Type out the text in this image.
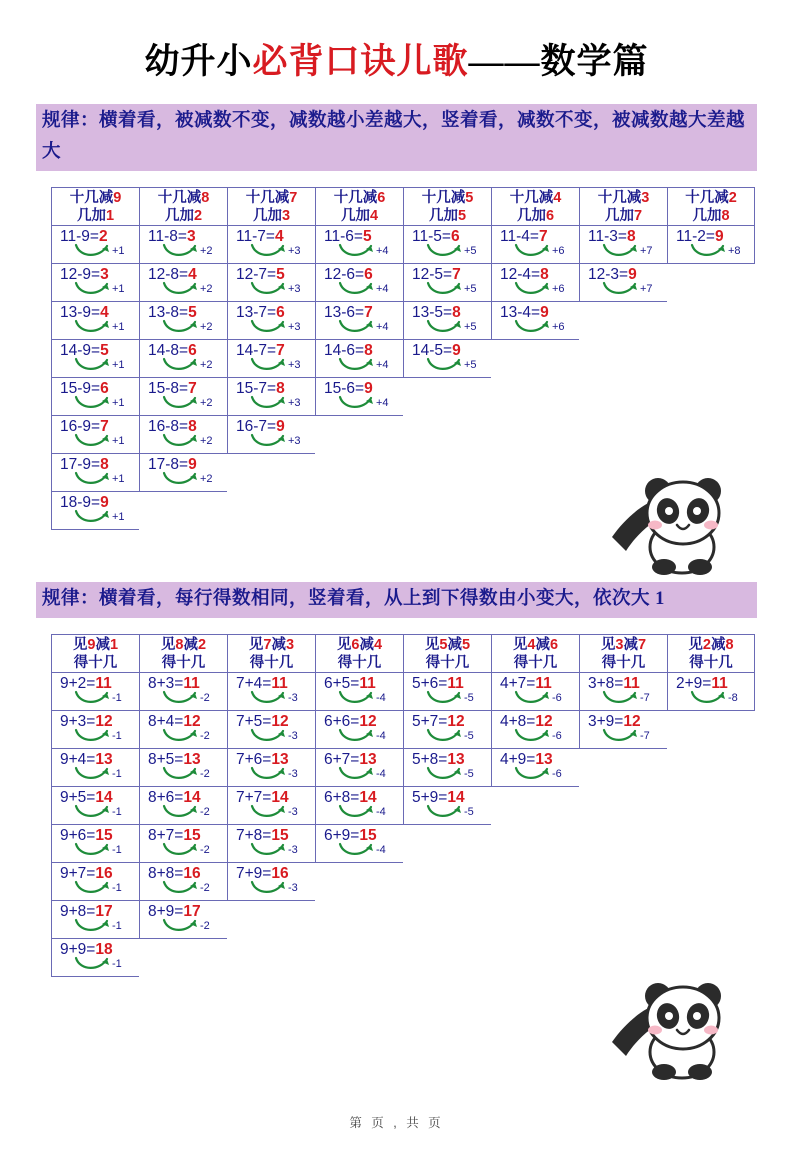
幼升小必背口诀儿歌——数学篇
规律：横着看，被减数不变，减数越小差越大，竖着看，减数不变，被减数越大差越大
十几减9
几加1
11-9=2
+1
12-9=3
+1
13-9=4
+1
14-9=5
+1
15-9=6
+1
16-9=7
+1
17-9=8
+1
18-9=9
+1
十几减8
几加2
11-8=3
+2
12-8=4
+2
13-8=5
+2
14-8=6
+2
15-8=7
+2
16-8=8
+2
17-8=9
+2
十几减7
几加3
11-7=4
+3
12-7=5
+3
13-7=6
+3
14-7=7
+3
15-7=8
+3
16-7=9
+3
十几减6
几加4
11-6=5
+4
12-6=6
+4
13-6=7
+4
14-6=8
+4
15-6=9
+4
十几减5
几加5
11-5=6
+5
12-5=7
+5
13-5=8
+5
14-5=9
+5
十几减4
几加6
11-4=7
+6
12-4=8
+6
13-4=9
+6
十几减3
几加7
11-3=8
+7
12-3=9
+7
十几减2
几加8
11-2=9
+8
规律：横着看，每行得数相同，竖着看，从上到下得数由小变大，依次大 1
见9减1
得十几
9+2=11
-1
9+3=12
-1
9+4=13
-1
9+5=14
-1
9+6=15
-1
9+7=16
-1
9+8=17
-1
9+9=18
-1
见8减2
得十几
8+3=11
-2
8+4=12
-2
8+5=13
-2
8+6=14
-2
8+7=15
-2
8+8=16
-2
8+9=17
-2
见7减3
得十几
7+4=11
-3
7+5=12
-3
7+6=13
-3
7+7=14
-3
7+8=15
-3
7+9=16
-3
见6减4
得十几
6+5=11
-4
6+6=12
-4
6+7=13
-4
6+8=14
-4
6+9=15
-4
见5减5
得十几
5+6=11
-5
5+7=12
-5
5+8=13
-5
5+9=14
-5
见4减6
得十几
4+7=11
-6
4+8=12
-6
4+9=13
-6
见3减7
得十几
3+8=11
-7
3+9=12
-7
见2减8
得十几
2+9=11
-8
第 页 , 共 页
